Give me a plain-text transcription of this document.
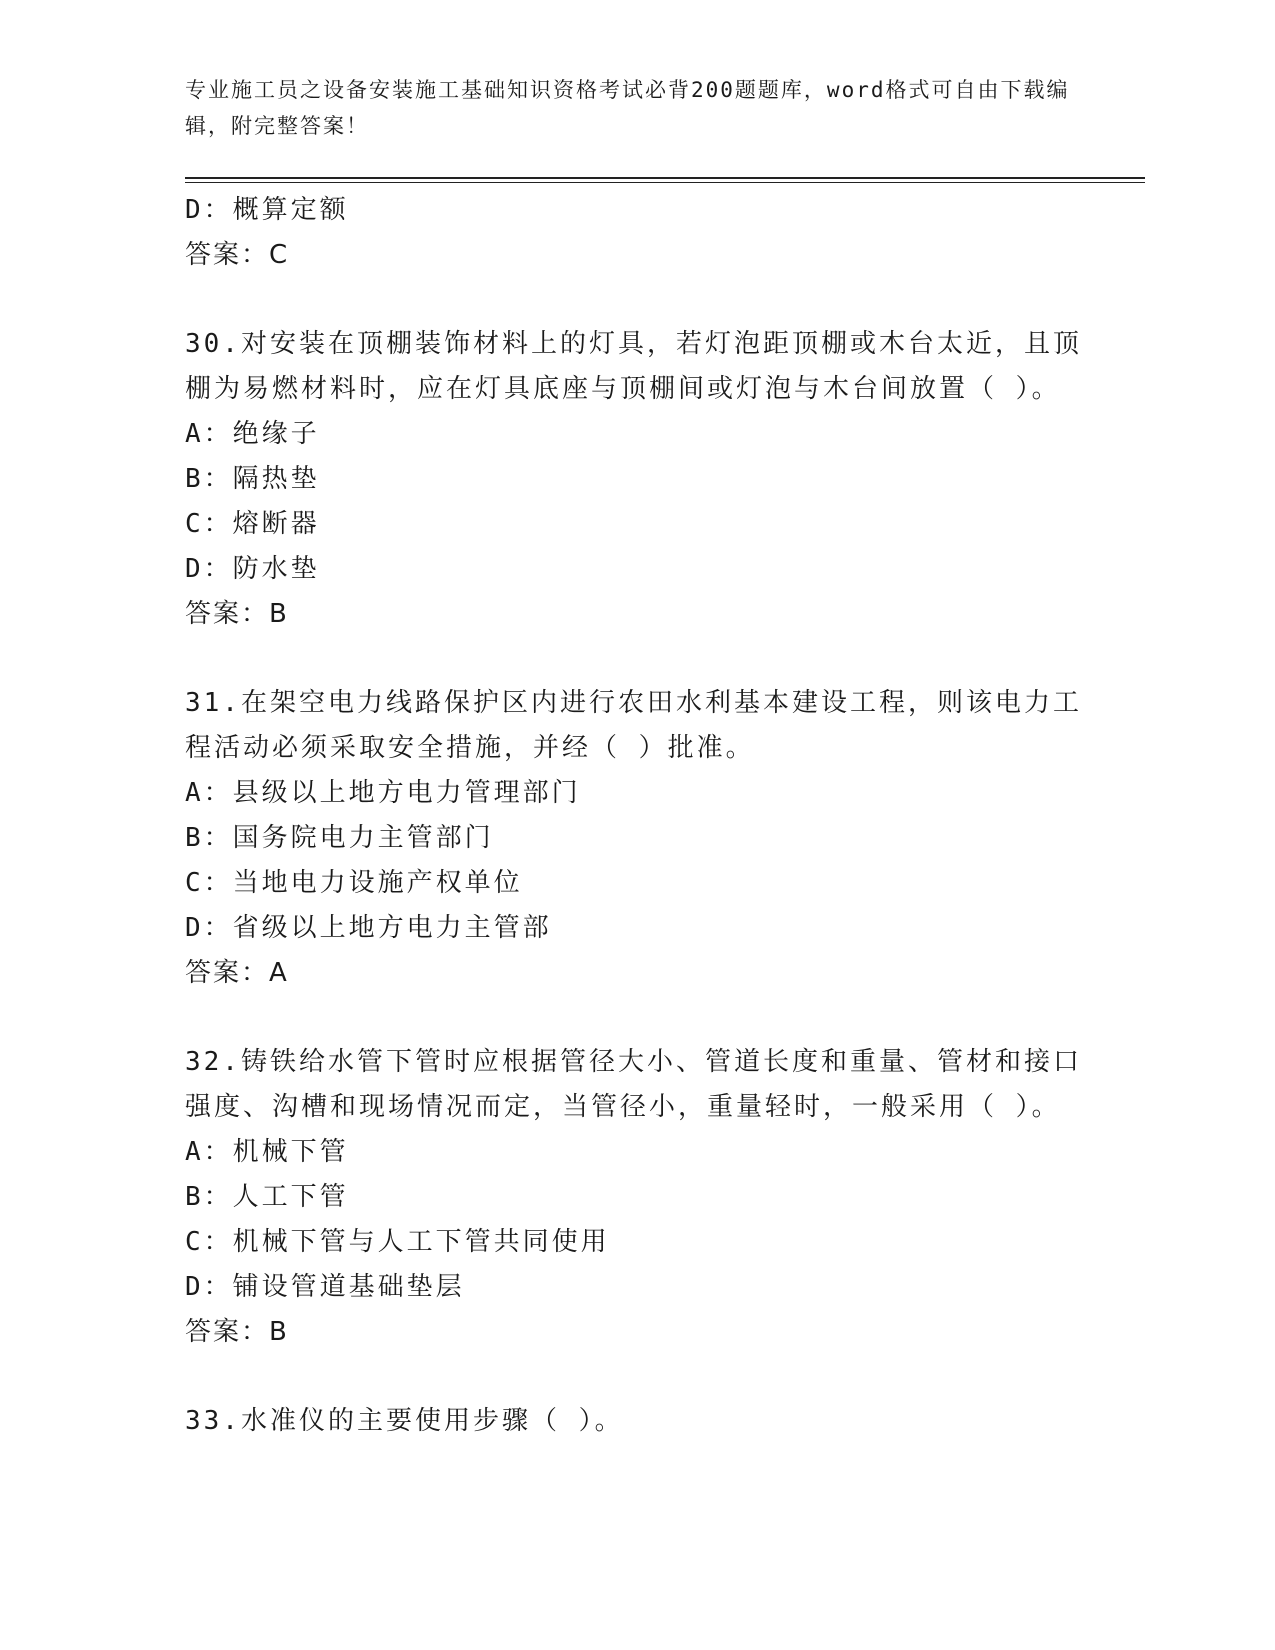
专业施工员之设备安装施工基础知识资格考试必背200题题库，word格式可自由下载编辑，附完整答案！
D：概算定额
答案：C
30.对安装在顶棚装饰材料上的灯具，若灯泡距顶棚或木台太近，且顶
棚为易燃材料时，应在灯具底座与顶棚间或灯泡与木台间放置（ ）。
A：绝缘子
B：隔热垫
C：熔断器
D：防水垫
答案：B
31.在架空电力线路保护区内进行农田水利基本建设工程，则该电力工
程活动必须采取安全措施，并经（ ）批准。
A：县级以上地方电力管理部门
B：国务院电力主管部门
C：当地电力设施产权单位
D：省级以上地方电力主管部
答案：A
32.铸铁给水管下管时应根据管径大小、管道长度和重量、管材和接口
强度、沟槽和现场情况而定，当管径小，重量轻时，一般采用（ ）。
A：机械下管
B：人工下管
C：机械下管与人工下管共同使用
D：铺设管道基础垫层
答案：B
33.水准仪的主要使用步骤（ ）。
